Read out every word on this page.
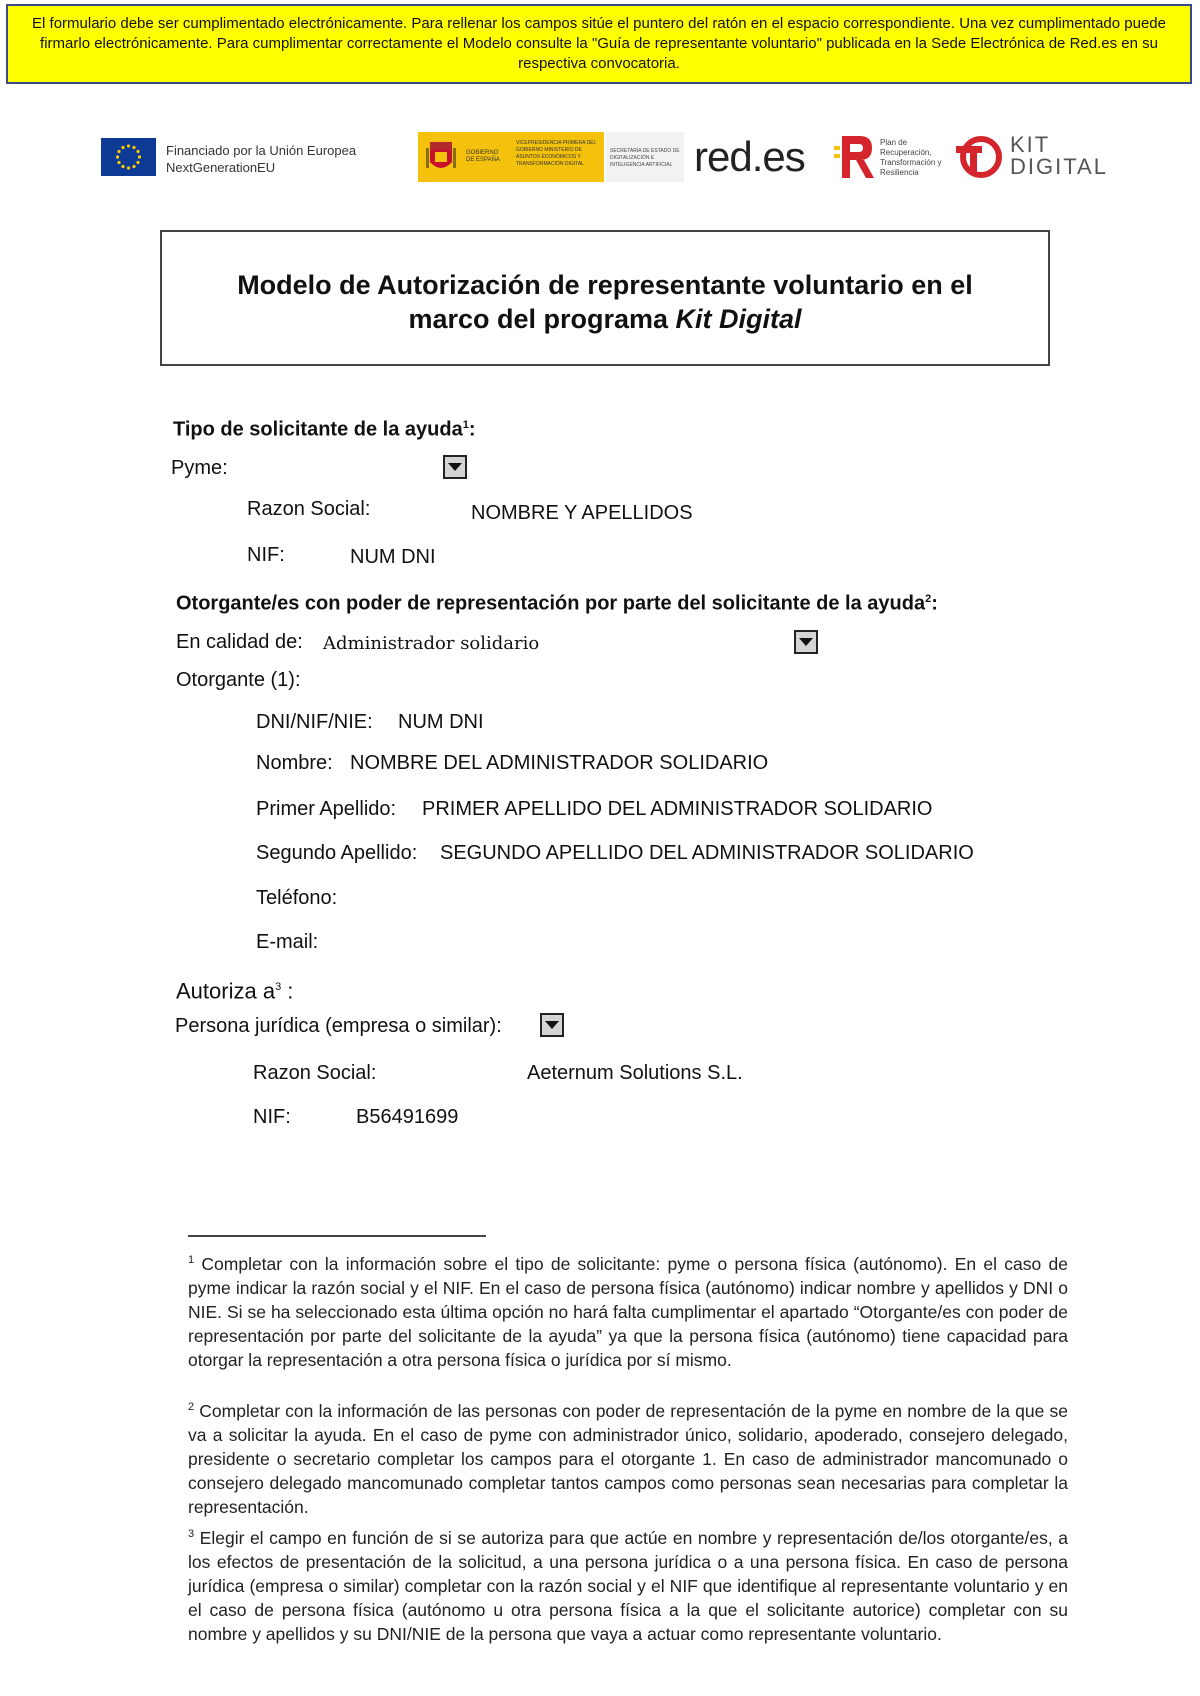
El formulario debe ser cumplimentado electrónicamente. Para rellenar los campos sitúe el puntero del ratón en el espacio correspondiente. Una vez cumplimentado puede firmarlo electrónicamente. Para cumplimentar correctamente el Modelo consulte la "Guía de representante voluntario" publicada en la Sede Electrónica de Red.es en su respectiva convocatoria.
Financiado por la Unión Europea
NextGenerationEU
GOBIERNO DE ESPAÑA
VICEPRESIDENCIA PRIMERA DEL GOBIERNO MINISTERIO DE ASUNTOS ECONÓMICOS Y TRANSFORMACIÓN DIGITAL
SECRETARÍA DE ESTADO DE DIGITALIZACIÓN E INTELIGENCIA ARTIFICIAL red.es	Plan de Recuperación, Transformación y Resiliencia
KIT
DIGITAL
Modelo de Autorización de representante voluntario en el
marco del programa Kit Digital
Tipo de solicitante de la ayuda$^1$:
Pyme:
Razon Social:	NOMBRE Y APELLIDOS
NIF:	NUM DNI
Otorgante/es con poder de representación por parte del solicitante de la ayuda$^2$:
En calidad de: Administrador solidario
Otorgante (1):
DNI/NIF/NIE: NUM DNI
Nombre: NOMBRE DEL ADMINISTRADOR SOLIDARIO
Primer Apellido: PRIMER APELLIDO DEL ADMINISTRADOR SOLIDARIO
Segundo Apellido: SEGUNDO APELLIDO DEL ADMINISTRADOR SOLIDARIO
Teléfono:
E-mail:
Autoriza $a^3$ :
Persona jurídica (empresa o similar):
Razon Social:	Aeternum Solutions S.L.
NIF:	B56491699
$^1$ Completar con la información sobre el tipo de solicitante: pyme o persona física (autónomo). En el caso de pyme indicar la razón social y el NIF. En el caso de persona física (autónomo) indicar nombre y apellidos y DNI o NIE. Si se ha seleccionado esta última opción no hará falta cumplimentar el apartado “Otorgante/es con poder de representación por parte del solicitante de la ayuda” ya que la persona física (autónomo) tiene capacidad para otorgar la representación a otra persona física o jurídica por sí mismo.
$^2$ Completar con la información de las personas con poder de representación de la pyme en nombre de la que se va a solicitar la ayuda. En el caso de pyme con administrador único, solidario, apoderado, consejero delegado, presidente o secretario completar los campos para el otorgante 1. En caso de administrador mancomunado o consejero delegado mancomunado completar tantos campos como personas sean necesarias para completar la representación.
$^3$ Elegir el campo en función de si se autoriza para que actúe en nombre y representación de/los otorgante/es, a los efectos de presentación de la solicitud, a una persona jurídica o a una persona física. En caso de persona jurídica (empresa o similar) completar con la razón social y el NIF que identifique al representante voluntario y en el caso de persona física (autónomo u otra persona física a la que el solicitante autorice) completar con su nombre y apellidos y su DNI/NIE de la persona que vaya a actuar como representante voluntario.
